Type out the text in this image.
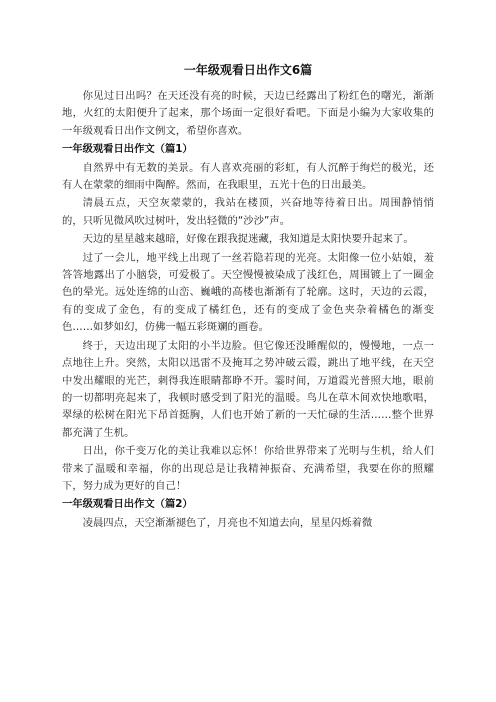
一年级观看日出作文6篇

你见过日出吗？在天还没有亮的时候，天边已经露出了粉红色的曙光，渐渐地，火红的太阳便升了起来，那个场面一定很好看吧。下面是小编为大家收集的一年级观看日出作文例文，希望你喜欢。

一年级观看日出作文（篇1）

自然界中有无数的美景。有人喜欢亮丽的彩虹，有人沉醉于绚烂的极光，还有人在蒙蒙的细雨中陶醉。然而，在我眼里，五光十色的日出最美。

清晨五点，天空灰蒙蒙的，我站在楼顶，兴奋地等待着日出。周围静悄悄的，只听见微风吹过树叶，发出轻微的“沙沙”声。

天边的星星越来越暗，好像在跟我捉迷藏，我知道是太阳快要升起来了。

过了一会儿，地平线上出现了一丝若隐若现的光亮。太阳像一位小姑娘，羞答答地露出了小脑袋，可爱极了。天空慢慢被染成了浅红色，周围镀上了一圈金色的晕光。远处连绵的山峦、巍峨的高楼也渐渐有了轮廓。这时，天边的云霞，有的变成了金色，有的变成了橘红色，还有的变成了金色夹杂着橘色的渐变色……如梦如幻，仿佛一幅五彩斑斓的画卷。

终于，天边出现了太阳的小半边脸。但它像还没睡醒似的，慢慢地，一点一点地往上升。突然，太阳以迅雷不及掩耳之势冲破云霞，跳出了地平线，在天空中发出耀眼的光芒，刺得我连眼睛都睁不开。霎时间，万道霞光普照大地，眼前的一切都明亮起来了，我顿时感受到了阳光的温暖。鸟儿在草木间欢快地歌唱，翠绿的松树在阳光下昂首挺胸，人们也开始了新的一天忙碌的生活……整个世界都充满了生机。

日出，你千变万化的美让我难以忘怀！你给世界带来了光明与生机，给人们带来了温暖和幸福，你的出现总是让我精神振奋、充满希望，我要在你的照耀下，努力成为更好的自己！

一年级观看日出作文（篇2）

凌晨四点，天空渐渐褪色了，月亮也不知道去向，星星闪烁着微
